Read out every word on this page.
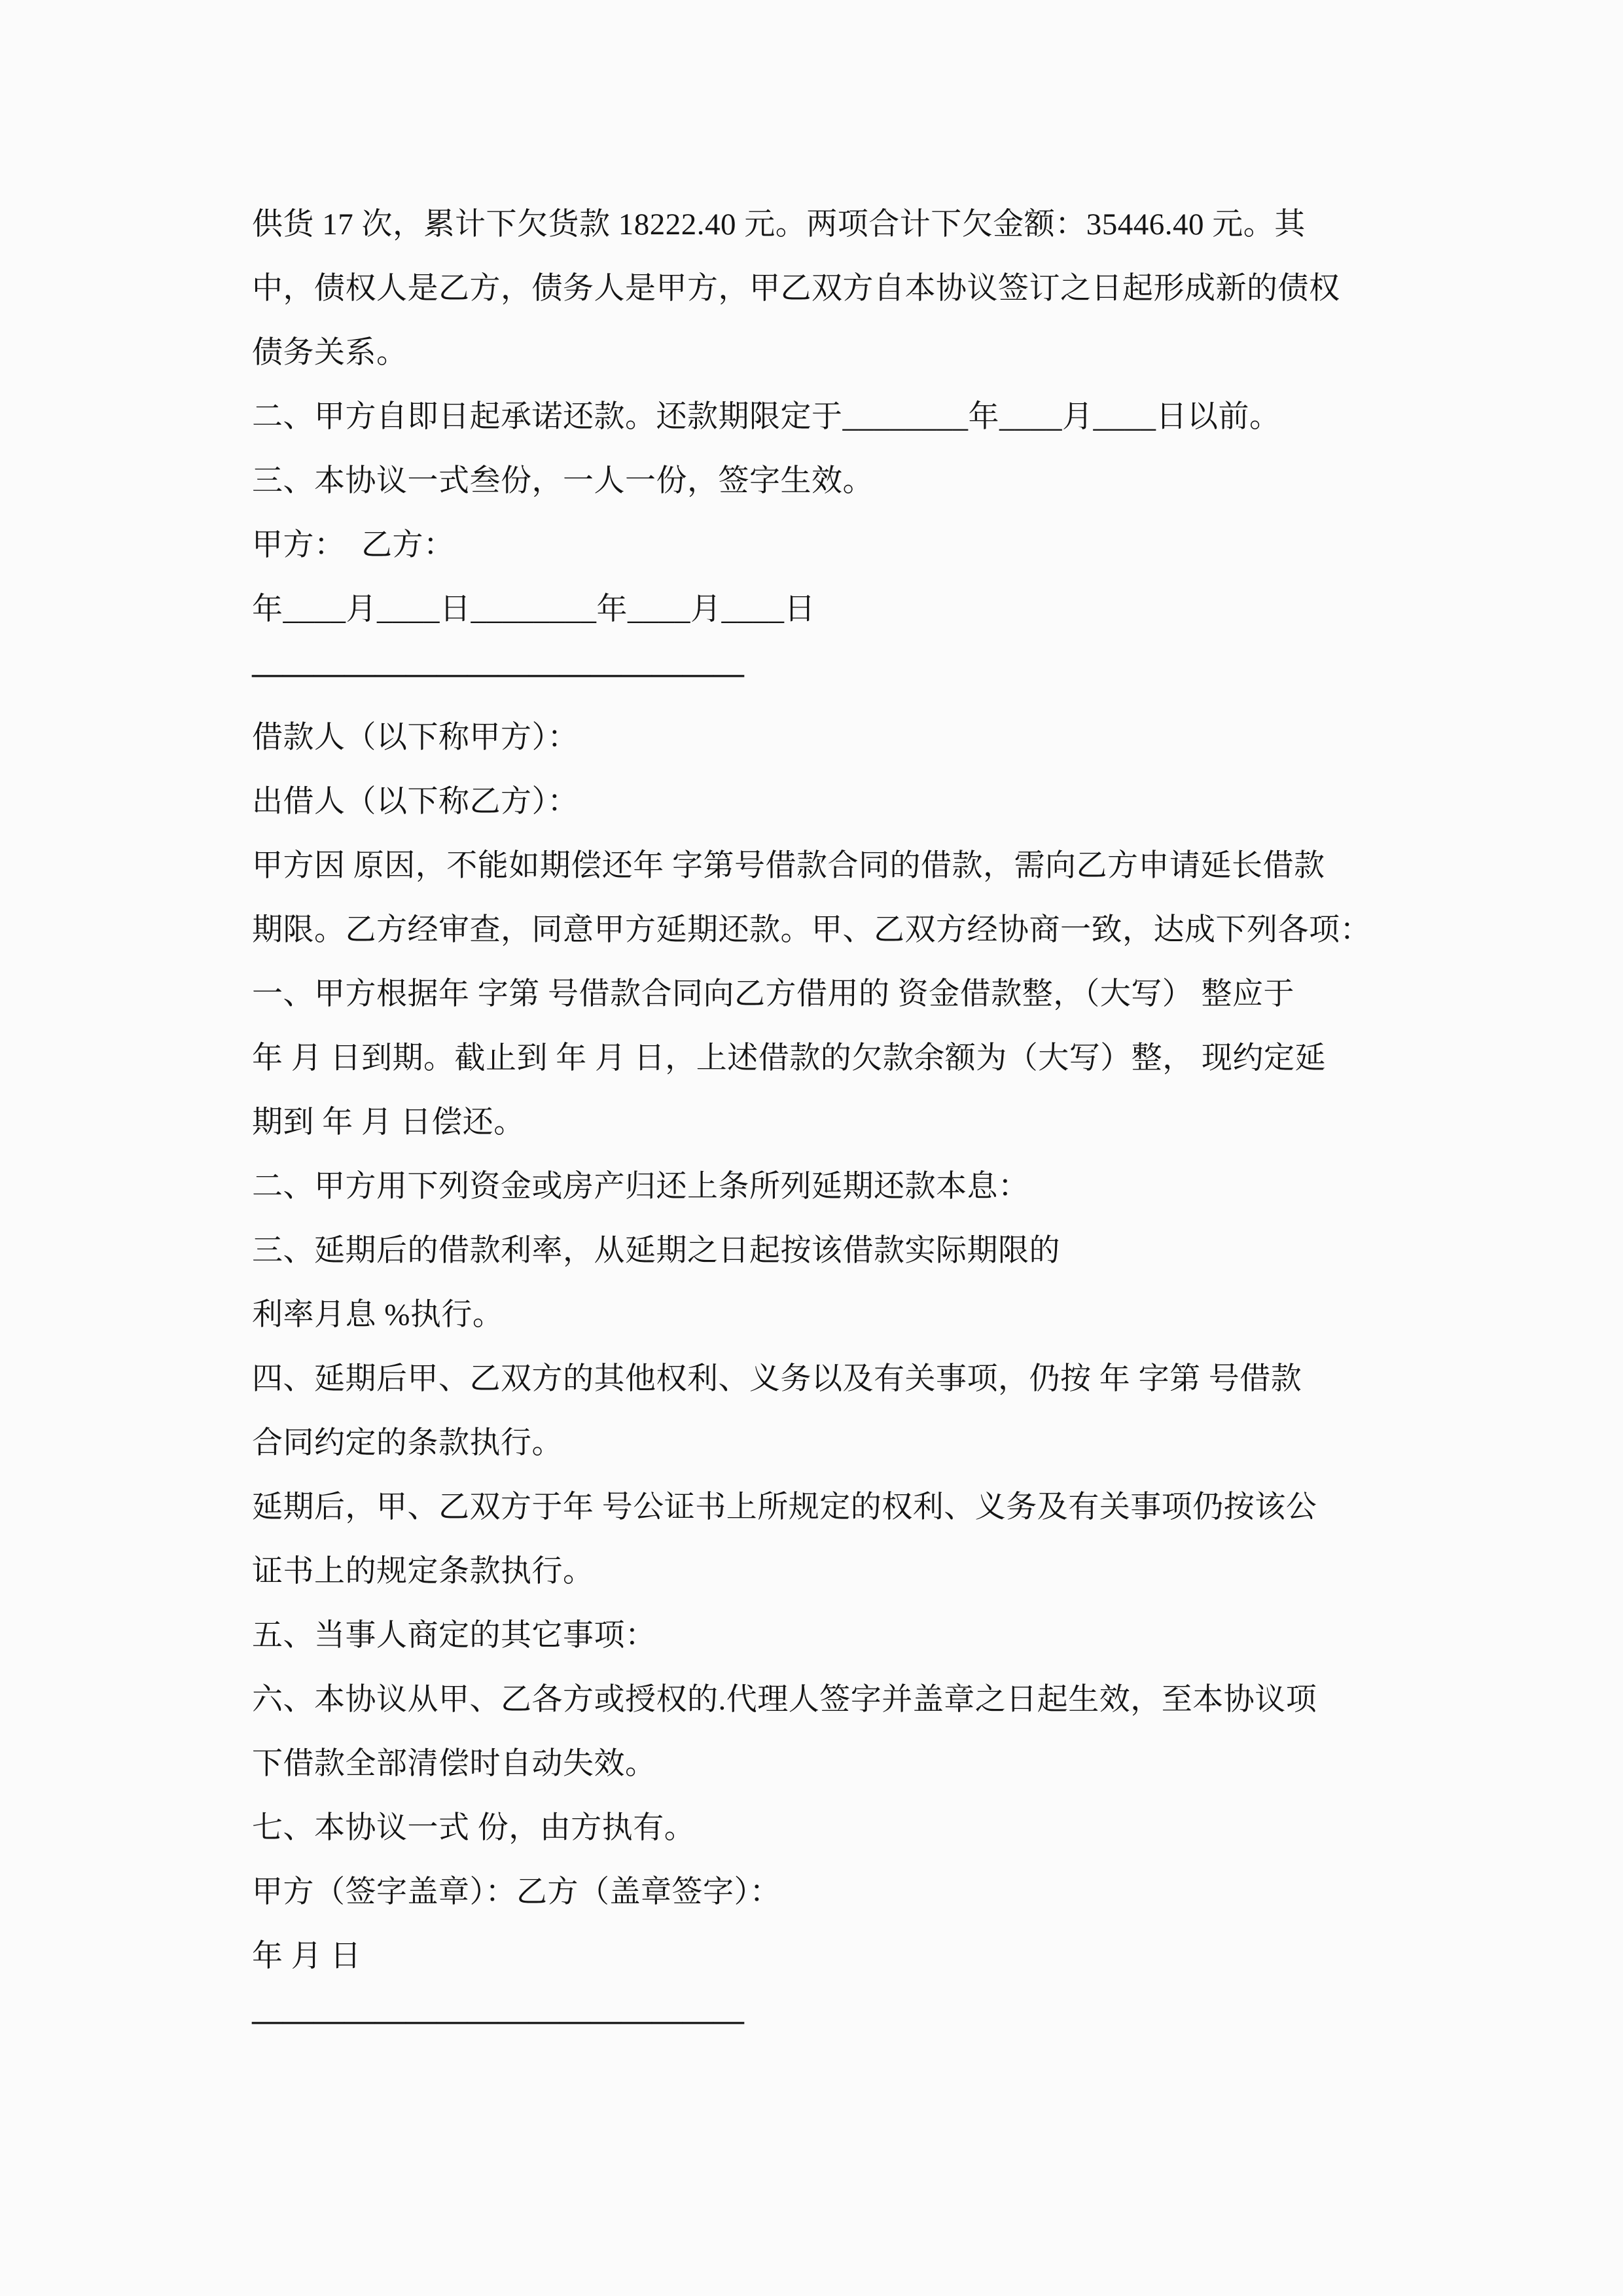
供货 17 次，累计下欠货款 18222.40 元。两项合计下欠金额：35446.40 元。其
中，债权人是乙方，债务人是甲方，甲乙双方自本协议签订之日起形成新的债权
债务关系。
二、甲方自即日起承诺还款。还款期限定于________年____月____日以前。
三、本协议一式叁份，一人一份，签字生效。
甲方：  乙方：
年____月____日________年____月____日
————————————————
借款人（以下称甲方）：
出借人（以下称乙方）：
甲方因 原因，不能如期偿还年 字第号借款合同的借款，需向乙方申请延长借款
期限。乙方经审查，同意甲方延期还款。甲、乙双方经协商一致，达成下列各项：
一、甲方根据年 字第 号借款合同向乙方借用的 资金借款整，（大写） 整应于
年 月 日到期。截止到 年 月 日，上述借款的欠款余额为（大写）整， 现约定延
期到 年 月 日偿还。
二、甲方用下列资金或房产归还上条所列延期还款本息：
三、延期后的借款利率，从延期之日起按该借款实际期限的
利率月息 %执行。
四、延期后甲、乙双方的其他权利、义务以及有关事项，仍按 年 字第 号借款
合同约定的条款执行。
延期后，甲、乙双方于年 号公证书上所规定的权利、义务及有关事项仍按该公
证书上的规定条款执行。
五、当事人商定的其它事项：
六、本协议从甲、乙各方或授权的.代理人签字并盖章之日起生效，至本协议项
下借款全部清偿时自动失效。
七、本协议一式 份，由方执有。
甲方（签字盖章）：乙方（盖章签字）：
年 月 日
————————————————
